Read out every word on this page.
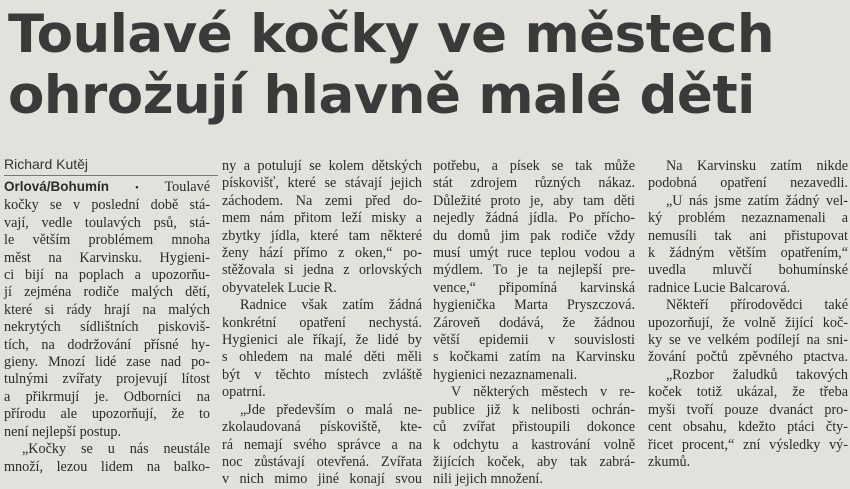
Toulavé kočky ve městech
ohrožují hlavně malé děti
Richard Kutěj
Orlová/Bohumín • Toulavé
kočky se v poslední době stá-
vají, vedle toulavých psů, stá-
le větším problémem mnoha
měst na Karvinsku. Hygieni-
ci bijí na poplach a upozorňu-
jí zejména rodiče malých dětí,
které si rády hrají na malých
nekrytých sídlištních piskoviš-
tích, na dodržování přísné hy-
gieny. Mnozí lidé zase nad po-
tulnými zvířaty projevují lítost
a přikrmují je. Odborníci na
přírodu ale upozorňují, že to
není nejlepší postup.
„Kočky se u nás neustále
množí, lezou lidem na balko-
ny a potulují se kolem dětských
pískovišť, které se stávají jejich
záchodem. Na zemi před do-
mem nám přitom leží misky a
zbytky jídla, které tam některé
ženy hází přímo z oken,“ po-
stěžovala si jedna z orlovských
obyvatelek Lucie R.
Radnice však zatím žádná
konkrétní opatření nechystá.
Hygienici ale říkají, že lidé by
s ohledem na malé děti měli
být v těchto místech zvláště
opatrní.
„Jde především o malá ne-
zkolaudovaná pískoviště, kte-
rá nemají svého správce a na
noc zůstávají otevřená. Zvířata
v nich mimo jiné konají svou
potřebu, a písek se tak může
stát zdrojem různých nákaz.
Důležité proto je, aby tam děti
nejedly žádná jídla. Po přícho-
du domů jim pak rodiče vždy
musí umýt ruce teplou vodou a
mýdlem. To je ta nejlepší pre-
vence,“ připomíná karvinská
hygienička Marta Pryszczová.
Zároveň dodává, že žádnou
větší epidemii v souvislosti
s kočkami zatím na Karvinsku
hygienici nezaznamenali.
V některých městech v re-
publice již k nelibosti ochrán-
ců zvířat přistoupili dokonce
k odchytu a kastrování volně
žijících koček, aby tak zabrá-
nili jejich množení.
Na Karvinsku zatím nikde
podobná opatření nezavedli.
„U nás jsme zatím žádný vel-
ký problém nezaznamenali a
nemusíli tak ani přistupovat
k žádným větším opatřením,“
uvedla mluvčí bohumínské
radnice Lucie Balcarová.
Někteří přírodovědci také
upozorňují, že volně žijící koč-
ky se ve velkém podílejí na sni-
žování počtů zpěvného ptactva.
„Rozbor žaludků takových
koček totiž ukázal, že třeba
myši tvoří pouze dvanáct pro-
cent obsahu, kdežto ptáci čty-
řicet procent,“ zní výsledky vý-
zkumů.
